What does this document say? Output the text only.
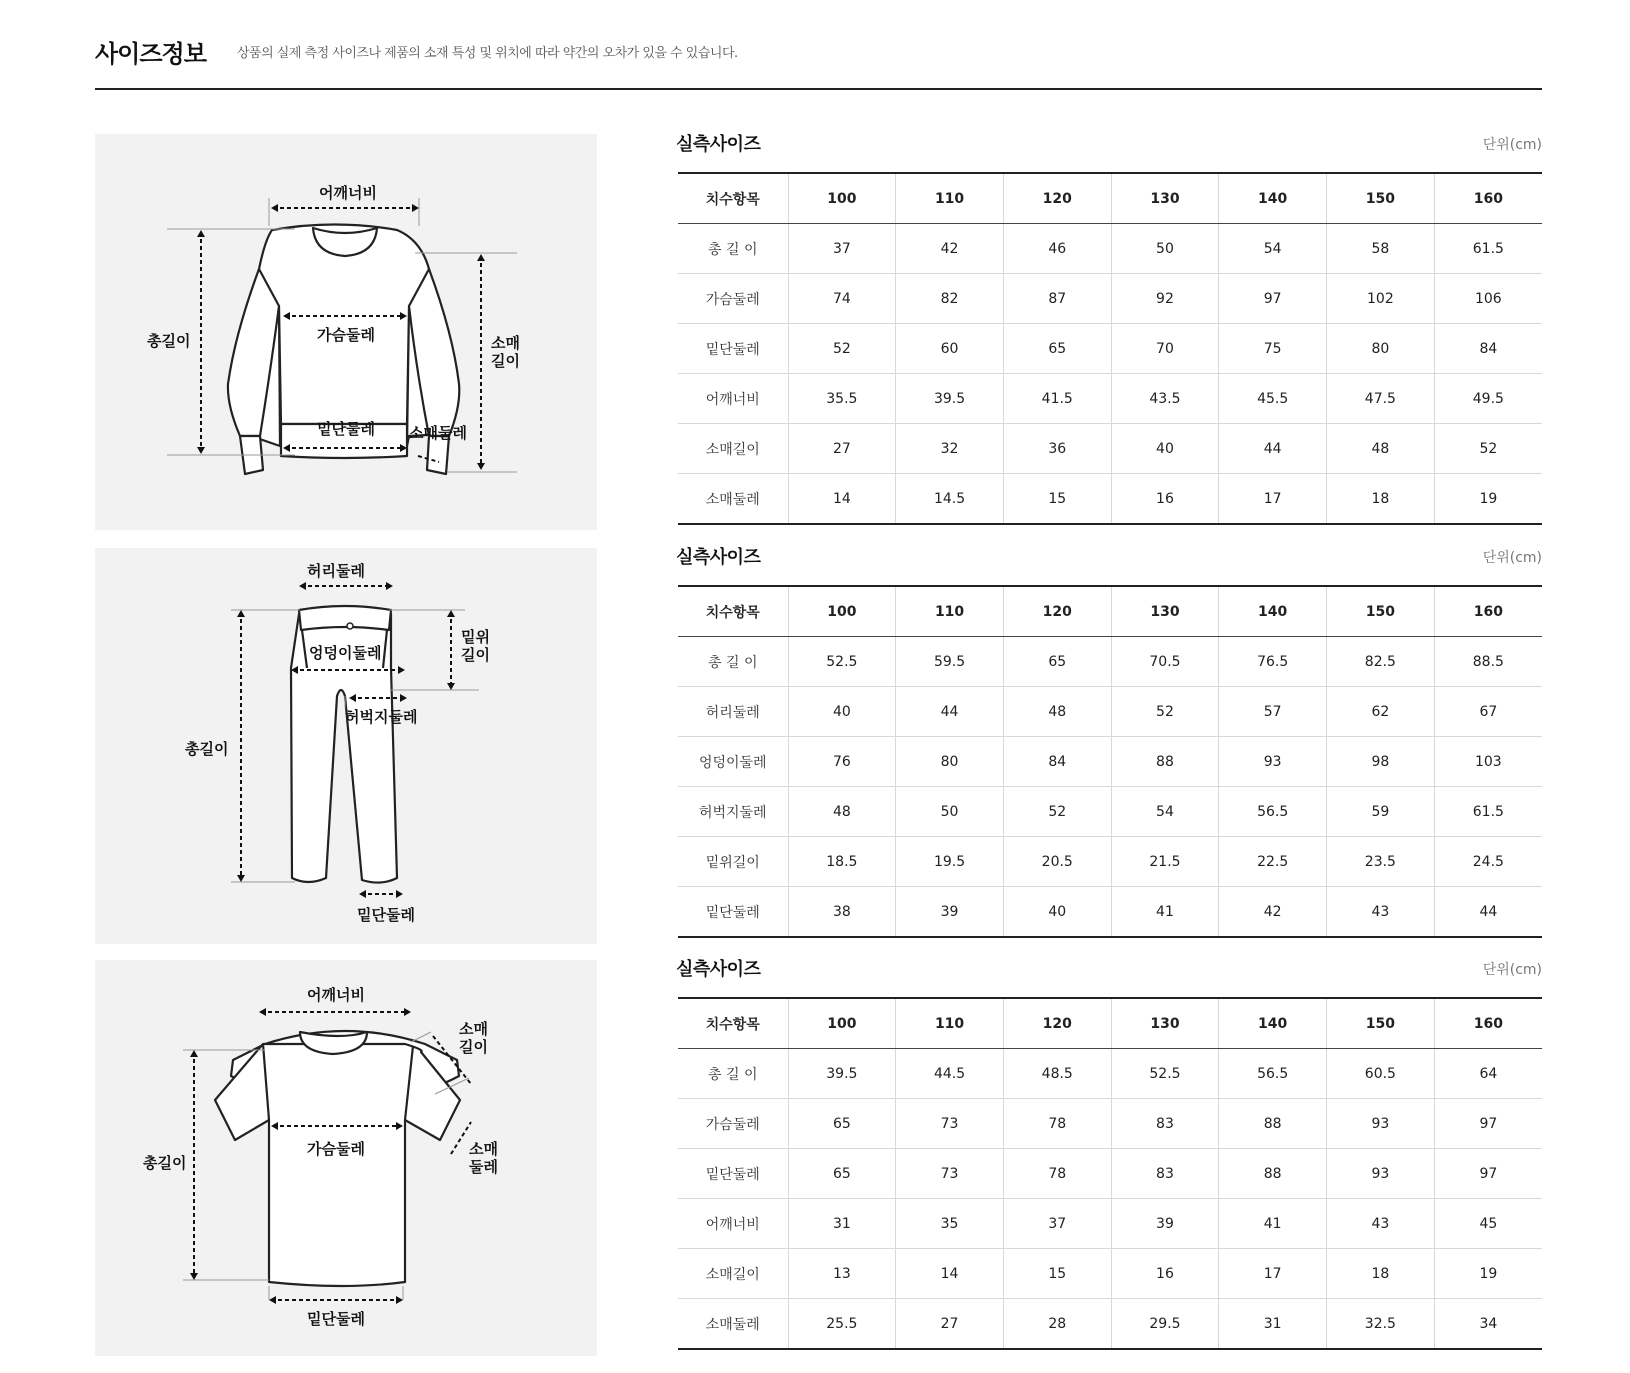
사이즈정보 상품의 실제 측정 사이즈나 제품의 소재 특성 및 위치에 따라 약간의 오차가 있을 수 있습니다.
어깨너비
총길이	가슴둘레
밑단둘레 소매둘레
소매
길이
허리둘레
총길이
엉덩이둘레
허벅지둘레
밑위
길이
밑단둘레
어깨너비
총길이
가슴둘레
밑단둘레
소매
길이
소매
둘레
실측사이즈	단위(cm)
치수항목	100	110	120	130	140	150	160
총 길 이	37	42	46	50	54	58	61.5
가슴둘레	74	82	87	92	97	102	106
밑단둘레	52	60	65	70	75	80	84
어깨너비	35.5	39.5	41.5	43.5	45.5	47.5	49.5
소매길이	27	32	36	40	44	48	52
소매둘레	14	14.5	15	16	17	18	19
실측사이즈	단위(cm)
치수항목	100	110	120	130	140	150	160
총 길 이	52.5	59.5	65	70.5	76.5	82.5	88.5
허리둘레	40	44	48	52	57	62	67
엉덩이둘레	76	80	84	88	93	98	103
허벅지둘레	48	50	52	54	56.5	59	61.5
밑위길이	18.5	19.5	20.5	21.5	22.5	23.5	24.5
밑단둘레	38	39	40	41	42	43	44
실측사이즈	단위(cm)
치수항목	100	110	120	130	140	150	160
총 길 이	39.5	44.5	48.5	52.5	56.5	60.5	64
가슴둘레	65	73	78	83	88	93	97
밑단둘레	65	73	78	83	88	93	97
어깨너비	31	35	37	39	41	43	45
소매길이	13	14	15	16	17	18	19
소매둘레	25.5	27	28	29.5	31	32.5	34
